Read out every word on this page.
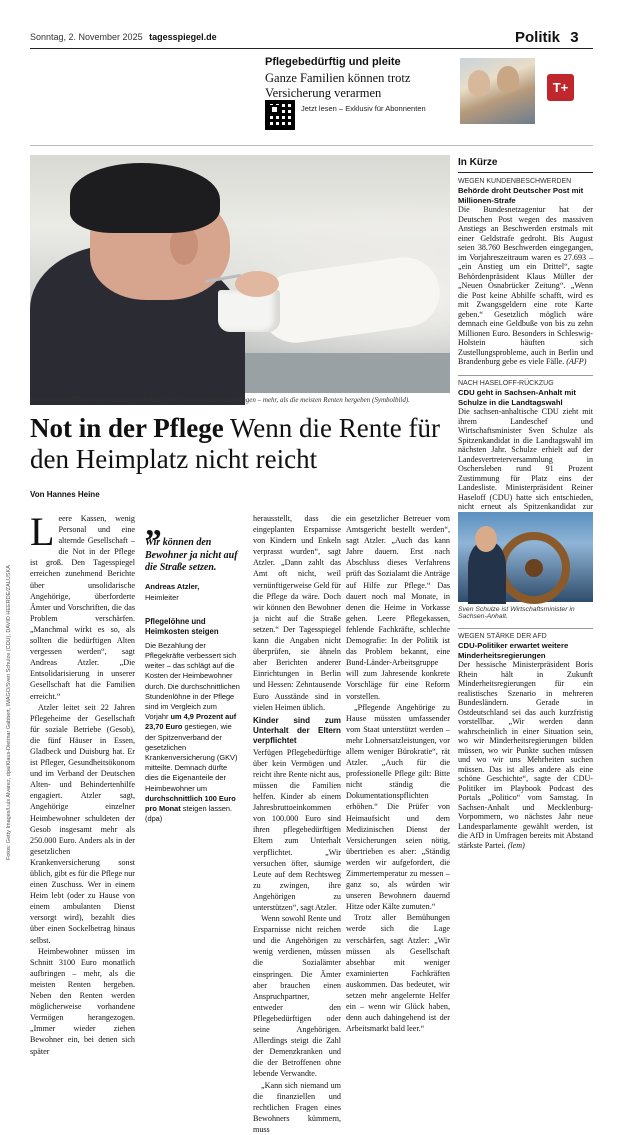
Sonntag, 2. November 2025 tagesspiegel.de	Politik 3
Pflegebedürftig und pleite
Ganze Familien können trotz Versicherung verarmen
Jetzt lesen – Exklusiv für Abonnenten
T+
Bewohner von Pflegeheimen müssen im Schnitt 3100 Euro monatlich aufbringen – mehr, als die meisten Renten hergeben (Symbolbild).
Not in der Pflege Wenn die Rente für den Heimplatz nicht reicht
Von Hannes Heine

Leere Kassen, wenig Personal und eine alternde Gesellschaft – die Not in der Pflege ist groß. Den Tagesspiegel erreichen zunehmend Berichte über unsolidarische Angehörige, überforderte Ämter und Vorschriften, die das Problem verschärfen. „Manchmal wirkt es so, als sollten die bedürftigen Alten vergessen werden“, sagt Andreas Atzler. „Die Entsolidarisierung in unserer Gesellschaft hat die Familien erreicht.“

Atzler leitet seit 22 Jahren Pflegeheime der Gesellschaft für soziale Betriebe (Gesob), die fünf Häuser in Essen, Gladbeck und Duisburg hat. Er ist Pfleger, Gesundheitsökonom und im Verband der Deutschen Alten- und Behindertenhilfe engagiert. Atzler sagt, Angehörige einzelner Heimbewohner schuldeten der Gesob insgesamt mehr als 250.000 Euro. Anders als in der gesetzlichen Krankenversicherung sonst üblich, gibt es für die Pflege nur einen Zuschuss. Wer in einem Heim lebt (oder zu Hause von einem ambulanten Dienst versorgt wird), bezahlt dies über einen Sockelbetrag hinaus selbst.

Heimbewohner müssen im Schnitt 3100 Euro monatlich aufbringen – mehr, als die meisten Renten hergeben. Neben den Renten werden möglicherweise vorhandene Vermögen herangezogen. „Immer wieder ziehen Bewohner ein, bei denen sich später

„
Wir können den Bewohner ja nicht auf die Straße setzen.
Andreas Atzler,
Heimleiter
Pflegelöhne und Heimkosten steigen
Die Bezahlung der Pflegekräfte verbessert sich weiter – das schlägt auf die Kosten der Heimbewohner durch. Die durchschnittlichen Stundenlöhne in der Pflege sind im Vergleich zum Vorjahr um 4,9 Prozent auf 23,70 Euro gestiegen, wie der Spitzenverband der gesetzlichen Krankenversicherung (GKV) mitteilte. Demnach dürfte dies die Eigenanteile der Heimbewohner um durchschnittlich 100 Euro pro Monat steigen lassen. (dpa)

herausstellt, dass die eingeplanten Ersparnisse von Kindern und Enkeln verprasst wurden“, sagt Atzler. „Dann zahlt das Amt oft nicht, weil vernünftigerweise Geld für die Pflege da wäre. Doch wir können den Bewohner ja nicht auf die Straße setzen.“ Der Tagesspiegel kann die Angaben nicht überprüfen, sie ähneln aber Berichten anderer Einrichtungen in Berlin und Hessen: Zehntausende Euro Ausstände sind in vielen Heimen üblich.

Kinder sind zum Unterhalt der Eltern verpflichtet

Verfügen Pflegebedürftige über kein Vermögen und reicht ihre Rente nicht aus, müssen die Familien helfen. Kinder ab einem Jahresbruttoeinkommen von 100.000 Euro sind ihren pflegebedürftigen Eltern zum Unterhalt verpflichtet. „Wir versuchen öfter, säumige Leute auf dem Rechtsweg zu zwingen, ihre Angehörigen zu unterstützen“, sagt Atzler.

Wenn sowohl Rente und Ersparnisse nicht reichen und die Angehörigen zu wenig verdienen, müssen die Sozialämter einspringen. Die Ämter aber brauchen einen Anspruchpartner, entweder den Pflegebedürftigen oder seine Angehörigen. Allerdings steigt die Zahl der Demenzkranken und die der Betroffenen ohne lebende Verwandte.

„Kann sich niemand um die finanziellen und rechtlichen Fragen eines Bewohners kümmern, muss

ein gesetzlicher Betreuer vom Amtsgericht bestellt werden“, sagt Atzler. „Auch das kann Jahre dauern. Erst nach Abschluss dieses Verfahrens prüft das Sozialamt die Anträge auf Hilfe zur Pflege.“ Das dauert noch mal Monate, in denen die Heime in Vorkasse gehen. Leere Pflegekassen, fehlende Fachkräfte, schlechte Demografie: In der Politik ist das Problem bekannt, eine Bund-Länder-Arbeitsgruppe will zum Jahresende konkrete Vorschläge für eine Reform vorstellen.

„Pflegende Angehörige zu Hause müssten umfassender vom Staat unterstützt werden – mehr Lohnersatzleistungen, vor allem weniger Bürokratie“, rät Atzler. „Auch für die professionelle Pflege gilt: Bitte nicht ständig die Dokumentationspflichten erhöhen.“ Die Prüfer von Heimaufsicht und dem Medizinischen Dienst der Versicherungen seien nötig, übertrieben es aber: „Ständig werden wir aufgefordert, die Zimmertemperatur zu messen – ganz so, als würden wir unseren Bewohnern dauernd Hitze oder Kälte zumuten.“

Trotz aller Bemühungen werde sich die Lage verschärfen, sagt Atzler: „Wir müssen als Gesellschaft absehbar mit weniger examinierten Fachkräften auskommen. Das bedeutet, wir setzen mehr angelernte Helfer ein – wenn wir Glück haben, denn auch dahingehend ist der Arbeitsmarkt bald leer.“

Fotos: Getty Images/Luis Alvarez, dpa/Klaus-Dietmar Gabbert, IMAGO/Sven Schulze (CDU), DAVID HEERDE/ZALUSKA
In Kürze
WEGEN KUNDENBESCHWERDEN
Behörde droht Deutscher Post mit Millionen-Strafe
Die Bundesnetzagentur hat der Deutschen Post wegen des massiven Anstiegs an Beschwerden erstmals mit einer Geldstrafe gedroht. Bis August seien 38.760 Beschwerden eingegangen, im Vorjahreszeitraum waren es 27.693 – „ein Anstieg um ein Drittel“, sagte Behördenpräsident Klaus Müller der „Neuen Osnabrücker Zeitung“. „Wenn die Post keine Abhilfe schafft, wird es mit Zwangsgeldern eine rote Karte geben.“ Gesetzlich möglich wäre demnach eine Geldbuße von bis zu zehn Millionen Euro. Besonders in Schleswig-Holstein häuften sich Zustellungsprobleme, auch in Berlin und Brandenburg gebe es viele Fälle. (AFP)
NACH HASELOFF-RÜCKZUG
CDU geht in Sachsen-Anhalt mit Schulze in die Landtagswahl
Die sachsen-anhaltische CDU zieht mit ihrem Landeschef und Wirtschaftsminister Sven Schulze als Spitzenkandidat in die Landtagswahl im nächsten Jahr. Schulze erhielt auf der Landesvertreterversammlung in Oschersleben rund 91 Prozent Zustimmung für Platz eins der Landesliste. Ministerpräsident Reiner Haseloff (CDU) hatte sich entschieden, nicht erneut als Spitzenkandidat zur
Sven Schulze ist Wirtschaftsminister in Sachsen-Anhalt.
WEGEN STÄRKE DER AFD
CDU-Politiker erwartet weitere Minderheitsregierungen
Der hessische Ministerpräsident Boris Rhein hält in Zukunft Minderheitsregierungen für ein realistisches Szenario in mehreren Bundesländern. Gerade in Ostdeutschland sei das auch kurzfristig vorstellbar. „Wir werden dann wahrscheinlich in einer Situation sein, wo wir Minderheitsregierungen bilden müssen, wo wir Punkte suchen müssen und wo wir uns Mehrheiten suchen müssen. Das ist alles andere als eine schöne Geschichte“, sagte der CDU-Politiker im Playbook Podcast des Portals „Politico“ vom Samstag. In Sachsen-Anhalt und Mecklenburg-Vorpommern, wo nächstes Jahr neue Landesparlamente gewählt werden, ist die AfD in Umfragen bereits mit Abstand stärkste Partei. (lem)
